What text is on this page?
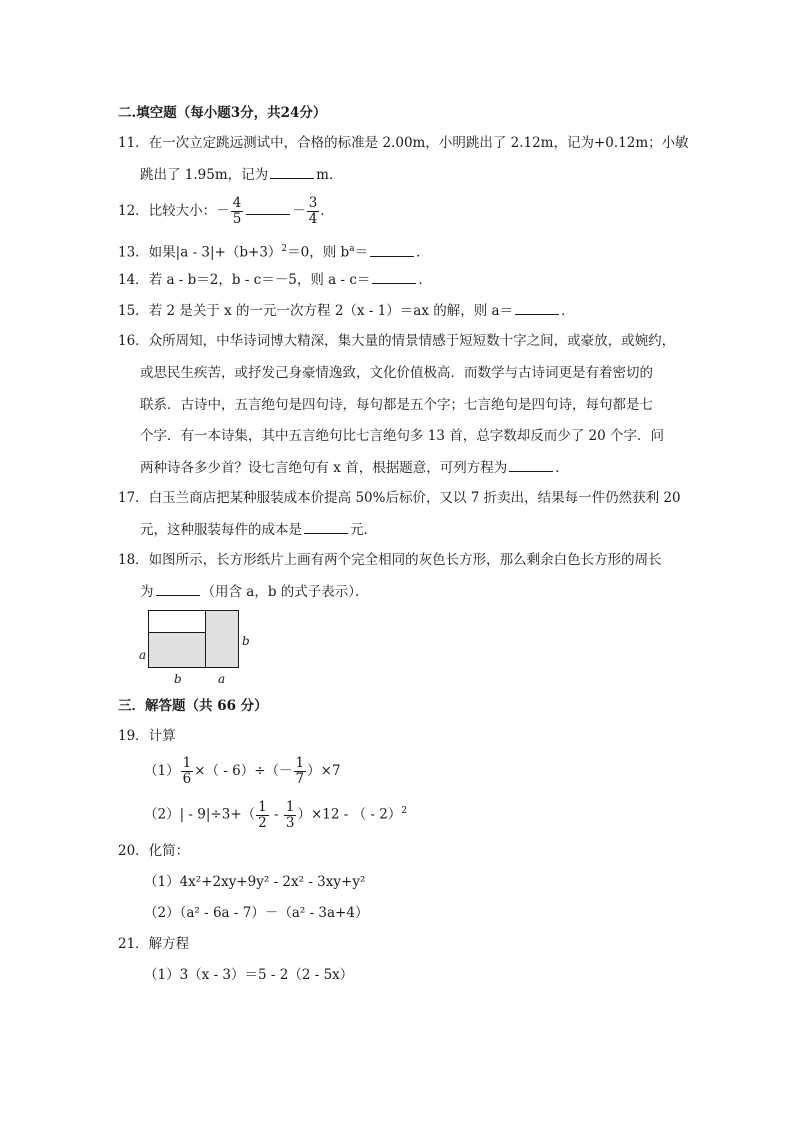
二.填空题（每小题3分，共24分）
11．在一次立定跳远测试中，合格的标准是 2.00m，小明跳出了 2.12m，记为+0.12m；小敏
跳出了 1.95m，记为	m．
12．比较大小：－ $\frac{4}{5}$	－ $\frac{3}{4}$ ．
13．如果$|a - 3|+(b+3)^2=0$，则 $b^a=$	．
14．若 a - b＝2，b - c＝－5，则 a - c＝	．
15．若 2 是关于 x 的一元一次方程 2（x - 1）＝ax 的解，则 a＝	．
16．众所周知，中华诗词博大精深，集大量的情景情感于短短数十字之间，或豪放，或婉约，
或思民生疾苦，或抒发己身豪情逸致，文化价值极高．而数学与古诗词更是有着密切的
联系．古诗中，五言绝句是四句诗，每句都是五个字；七言绝句是四句诗，每句都是七
个字．有一本诗集，其中五言绝句比七言绝句多 13 首，总字数却反而少了 20 个字．问
两种诗各多少首？设七言绝句有 x 首，根据题意，可列方程为	．
17．白玉兰商店把某种服装成本价提高 50%后标价，又以 7 折卖出，结果每一件仍然获利 20
元，这种服装每件的成本是	元．
18．如图所示，长方形纸片上画有两个完全相同的灰色长方形，那么剩余白色长方形的周长
为	（用含 a，b 的式子表示）．
a
b
b	a
三．解答题（共 66 分）
19．计算
$(1) \frac{1}{6}$ ×（ - $6)\div(- \frac{1}{7} )\times 7$
$(2)| - 9|\div 3+( \frac{1}{2} - \frac{1}{3} )\times 12$ - （ - 2）$^2$
20．化简：
（1）4x²+2xy+9y² - 2x² - 3xy+y²
（2）（a² - 6a - 7）－（a² - 3a+4）
21．解方程
（1）3（x - 3）＝5 - 2（2 - 5x）
